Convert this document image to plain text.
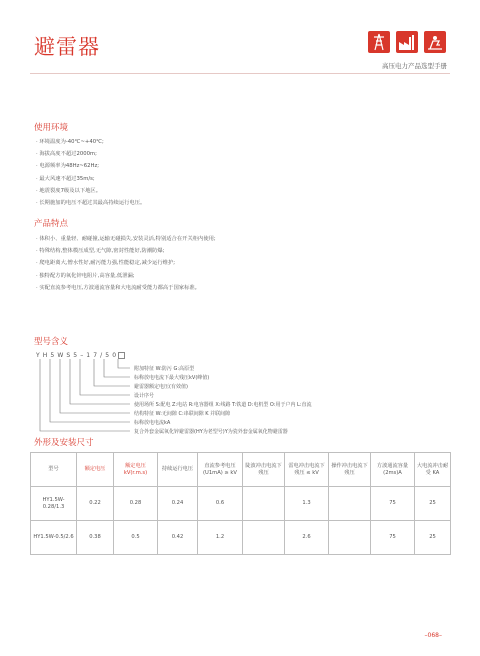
避雷器
高压电力产品选型手册
使用环境
· 环境温度为-40℃~+40℃;
· 海拔高度不超过2000m;
· 电源频率为48Hz~62Hz;
· 最大风速不超过35m/s;
· 地震裂度7级及以下地区。
· 长期施加的电压不超过其最高持续运行电压。
产品特点
· 体积小、重量轻、耐碰撞,运输无碰损失,安装灵活,特别适合在开关柜内使用;
· 特殊结构,整体模压成型,无气隙,密封性能好,防潮防爆;
· 爬电距离大,憎水性好,耐污能力强,性能稳定,减少运行维护;
· 独特配方的氧化锌电阻片,高容量,低泄漏;
· 实配直流参考电压,方波通流容量和大电流耐受能力都高于国家标准。
型号含义
Y H 5 W S 5 – 1 7 / 5 0
附加特征 W:防污 G:高原型
标称放电电流下最大残压kV(峰值)
避雷器额定电压(有效值)
设计序号
使用场所 S:配电 Z:电站 R:电容器组 X:线路 T:铁道 D:电机型 O:用于户内 L:直流
结构特征 W:无间隙 C:串联间隙 K 并联间隙
标称放电电流kA
复合外套金属氧化锌避雷器(HY为老型号)Y为瓷外套金属氧化物避雷器
外形及安装尺寸
型号	额定电压	额定电压 kV(r.m.s)	持续运行电压	直流参考电压 (U1mA) ≥ kV	陡波冲击电流下残压	雷电冲击电流下残压 ≤ kV	操作冲击电流下残压	方波通流容量 (2ms)A	大电流冲击耐受 KA
HY1.5W-0.28/1.3	0.22	0.28	0.24	0.6		1.3		75	25
HY1.5W-0.5/2.6	0.38	0.5	0.42	1.2		2.6		75	25
–068–
